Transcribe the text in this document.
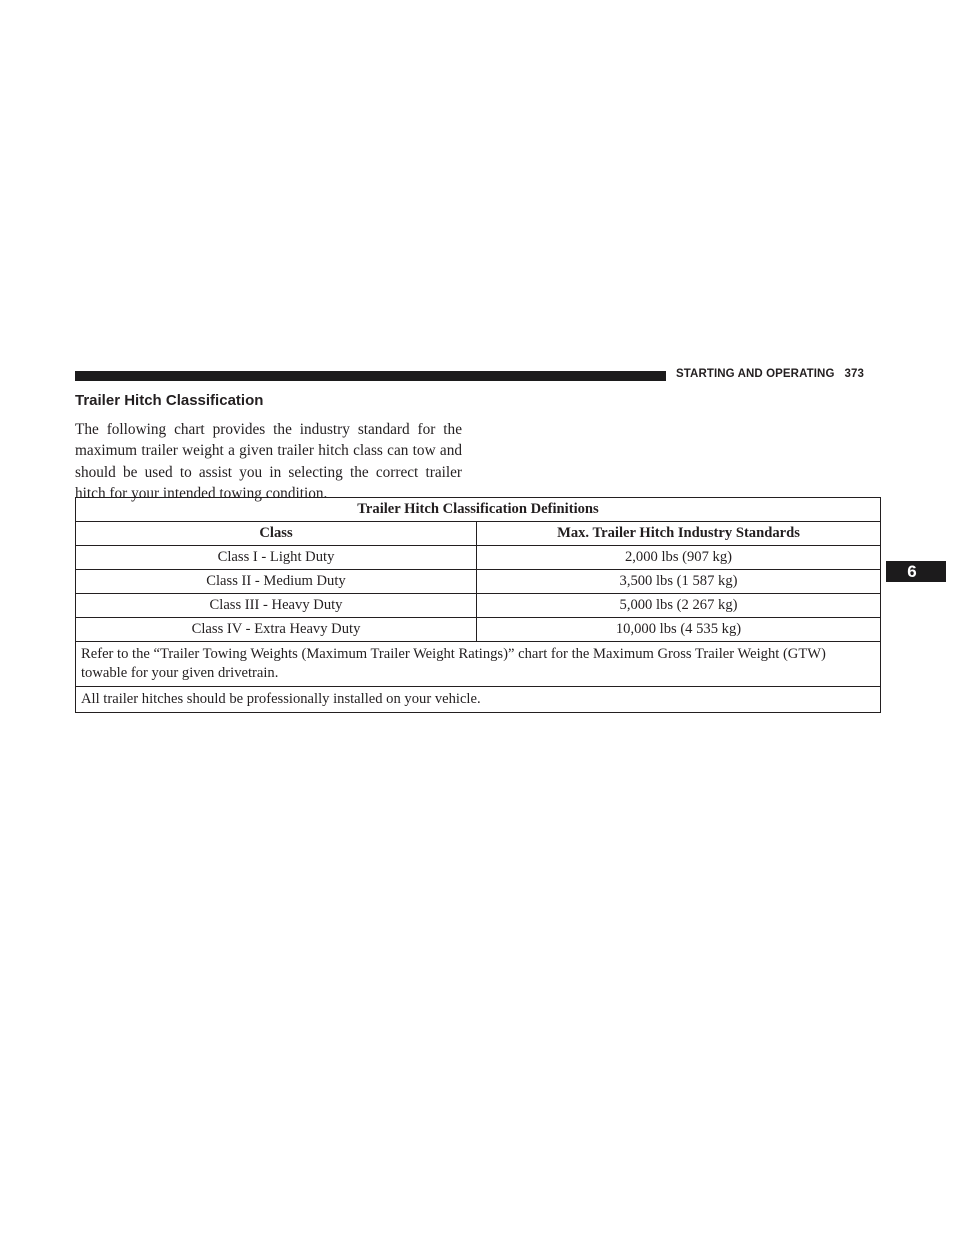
STARTING AND OPERATING 373
6
Trailer Hitch Classification

The following chart provides the industry standard for the maximum trailer weight a given trailer hitch class can tow and should be used to assist you in selecting the correct trailer hitch for your intended towing condition.

Trailer Hitch Classification Definitions	
Class	Max. Trailer Hitch Industry Standards
Class I - Light Duty	2,000 lbs (907 kg)
Class II - Medium Duty	3,500 lbs (1 587 kg)
Class III - Heavy Duty	5,000 lbs (2 267 kg)
Class IV - Extra Heavy Duty	10,000 lbs (4 535 kg)
Refer to the “Trailer Towing Weights (Maximum Trailer Weight Ratings)” chart for the Maximum Gross Trailer Weight (GTW) towable for your given drivetrain.	
All trailer hitches should be professionally installed on your vehicle.	
